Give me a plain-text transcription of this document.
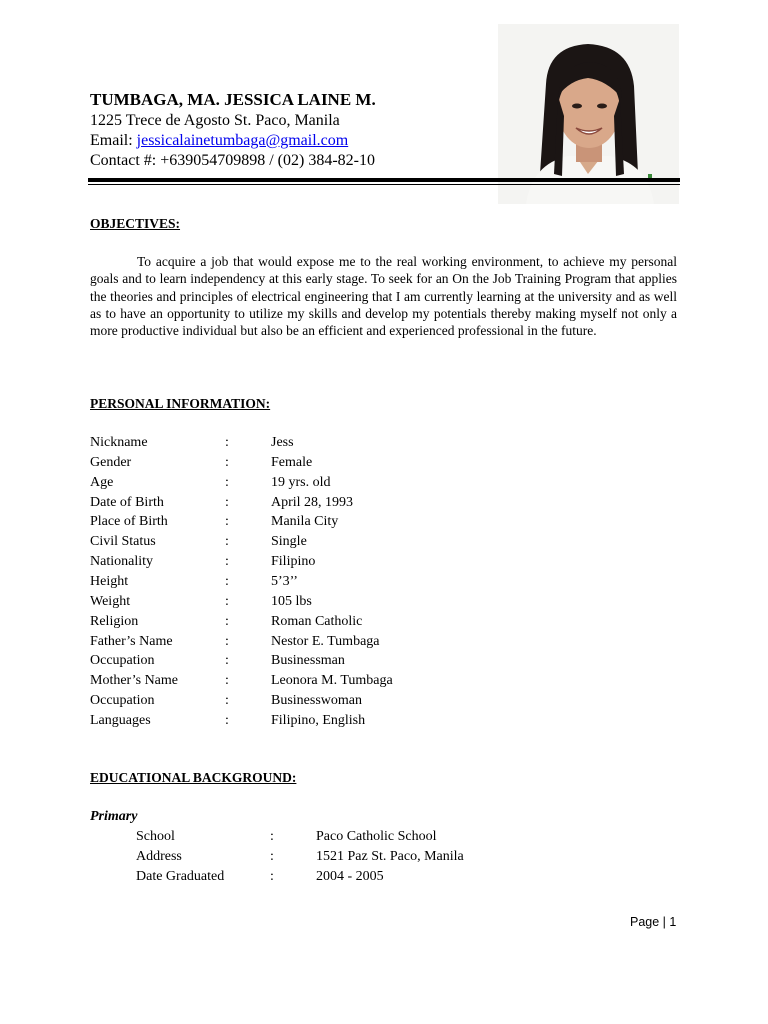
TUMBAGA, MA. JESSICA LAINE M.
1225 Trece de Agosto St. Paco, Manila
Email: jessicalainetumbaga@gmail.com
Contact #: +639054709898 / (02) 384-82-10
OBJECTIVES:
To acquire a job that would expose me to the real working environment, to achieve my personal goals and to learn independency at this early stage. To seek for an On the Job Training Program that applies the theories and principles of electrical engineering that I am currently learning at the university and as well as to have an opportunity to utilize my skills and develop my potentials thereby making myself not only a more productive individual but also be an efficient and experienced professional in the future.
PERSONAL INFORMATION:
Nickname	:	Jess
Gender	:	Female
Age	:	19 yrs. old
Date of Birth	:	April 28, 1993
Place of Birth	:	Manila City
Civil Status	:	Single
Nationality	:	Filipino
Height	:	5’3’’
Weight	:	105 lbs
Religion	:	Roman Catholic
Father’s Name	:	Nestor E. Tumbaga
Occupation	:	Businessman
Mother’s Name	:	Leonora M. Tumbaga
Occupation	:	Businesswoman
Languages	:	Filipino, English
EDUCATIONAL BACKGROUND:
Primary
School	:	Paco Catholic School
Address	:	1521 Paz St. Paco, Manila
Date Graduated	:	2004 - 2005
Page | 1
